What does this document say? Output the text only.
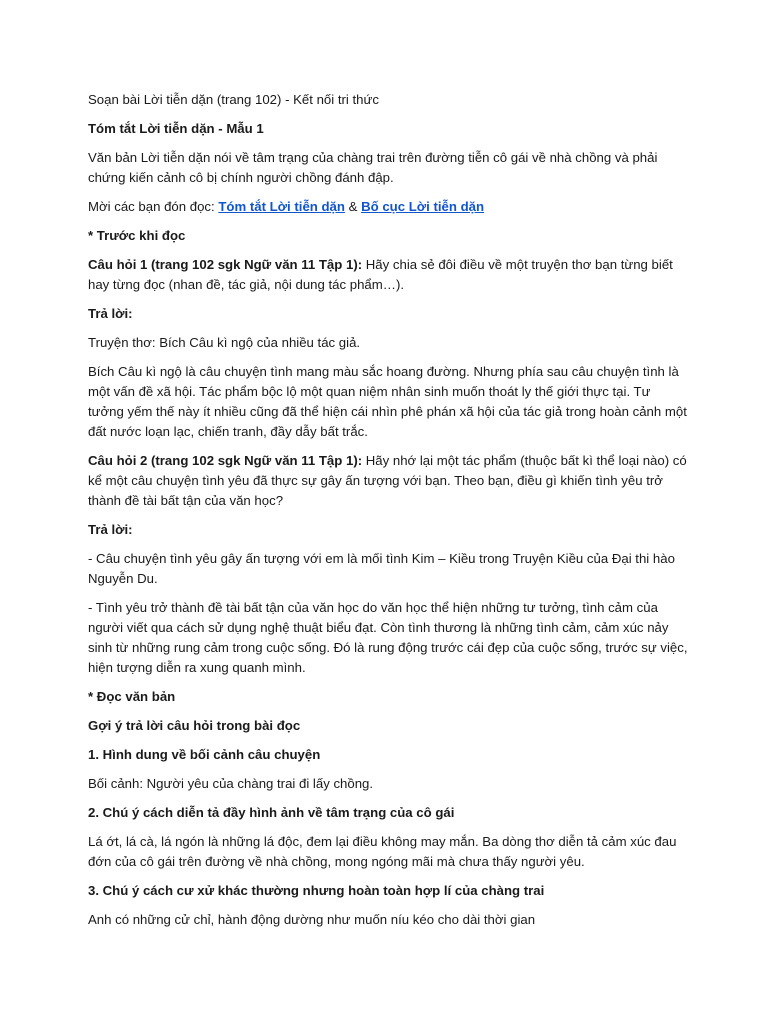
Soạn bài Lời tiễn dặn (trang 102) - Kết nối tri thức

Tóm tắt Lời tiễn dặn - Mẫu 1

Văn bản Lời tiễn dặn nói về tâm trạng của chàng trai trên đường tiễn cô gái về nhà chồng và phải chứng kiến cảnh cô bị chính người chồng đánh đập.

Mời các bạn đón đọc: Tóm tắt Lời tiễn dặn & Bố cục Lời tiễn dặn

* Trước khi đọc

Câu hỏi 1 (trang 102 sgk Ngữ văn 11 Tập 1): Hãy chia sẻ đôi điều về một truyện thơ bạn từng biết hay từng đọc (nhan đề, tác giả, nội dung tác phẩm…).

Trả lời:

Truyện thơ: Bích Câu kì ngộ của nhiều tác giả.

Bích Câu kì ngộ là câu chuyện tình mang màu sắc hoang đường. Nhưng phía sau câu chuyện tình là một vấn đề xã hội. Tác phẩm bộc lộ một quan niệm nhân sinh muốn thoát ly thế giới thực tại. Tư tưởng yếm thế này ít nhiều cũng đã thể hiện cái nhìn phê phán xã hội của tác giả trong hoàn cảnh một đất nước loạn lạc, chiến tranh, đầy dẫy bất trắc.

Câu hỏi 2 (trang 102 sgk Ngữ văn 11 Tập 1): Hãy nhớ lại một tác phẩm (thuộc bất kì thể loại nào) có kể một câu chuyện tình yêu đã thực sự gây ấn tượng với bạn. Theo bạn, điều gì khiến tình yêu trở thành đề tài bất tận của văn học?

Trả lời:

- Câu chuyện tình yêu gây ấn tượng với em là mối tình Kim – Kiều trong Truyện Kiều của Đại thi hào Nguyễn Du.

- Tình yêu trở thành đề tài bất tận của văn học do văn học thể hiện những tư tưởng, tình cảm của người viết qua cách sử dụng nghệ thuật biểu đạt. Còn tình thương là những tình cảm, cảm xúc nảy sinh từ những rung cảm trong cuộc sống. Đó là rung động trước cái đẹp của cuộc sống, trước sự việc, hiện tượng diễn ra xung quanh mình.

* Đọc văn bản

Gợi ý trả lời câu hỏi trong bài đọc

1. Hình dung về bối cảnh câu chuyện

Bối cảnh: Người yêu của chàng trai đi lấy chồng.

2. Chú ý cách diễn tả đầy hình ảnh về tâm trạng của cô gái

Lá ớt, lá cà, lá ngón là những lá độc, đem lại điều không may mắn. Ba dòng thơ diễn tả cảm xúc đau đớn của cô gái trên đường về nhà chồng, mong ngóng mãi mà chưa thấy người yêu.

3. Chú ý cách cư xử khác thường nhưng hoàn toàn hợp lí của chàng trai

Anh có những cử chỉ, hành động dường như muốn níu kéo cho dài thời gian
